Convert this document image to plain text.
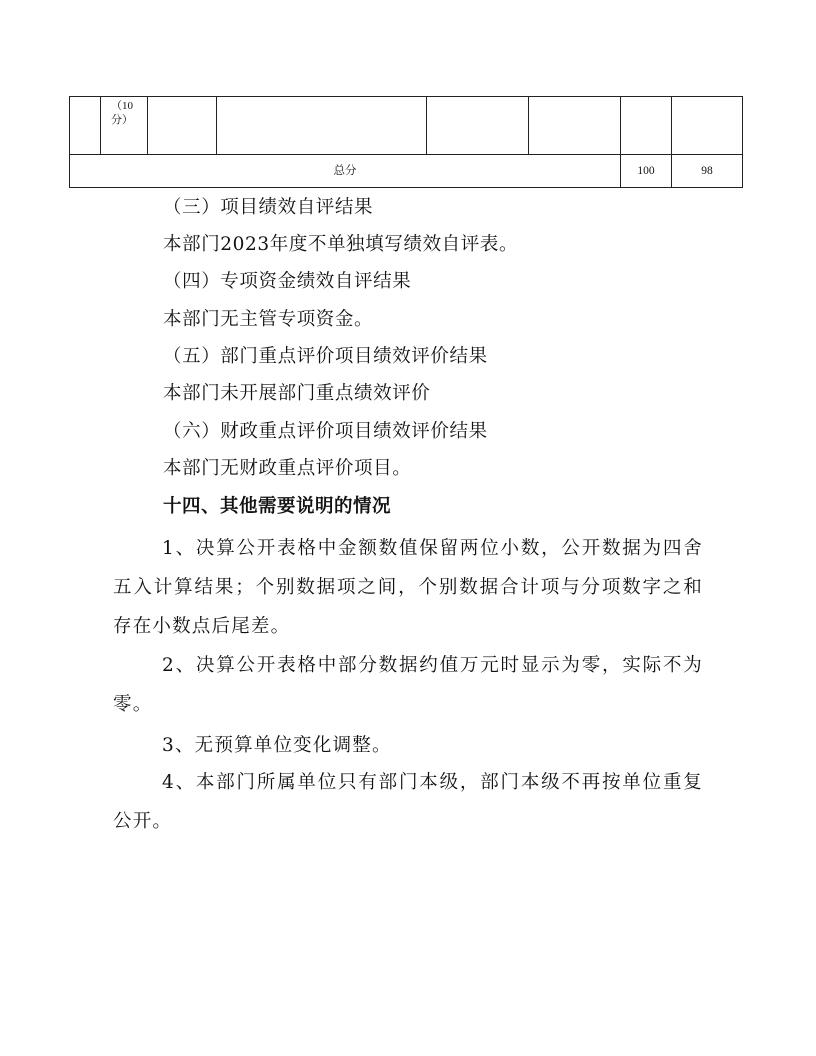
	（10
分）						
总分						100	98
（三）项目绩效自评结果
本部门2023年度不单独填写绩效自评表。
（四）专项资金绩效自评结果
本部门无主管专项资金。
（五）部门重点评价项目绩效评价结果
本部门未开展部门重点绩效评价
（六）财政重点评价项目绩效评价结果
本部门无财政重点评价项目。
十四、其他需要说明的情况

1、决算公开表格中金额数值保留两位小数，公开数据为四舍五入计算结果；个别数据项之间，个别数据合计项与分项数字之和存在小数点后尾差。

2、决算公开表格中部分数据约值万元时显示为零，实际不为零。

3、无预算单位变化调整。

4、本部门所属单位只有部门本级，部门本级不再按单位重复公开。
